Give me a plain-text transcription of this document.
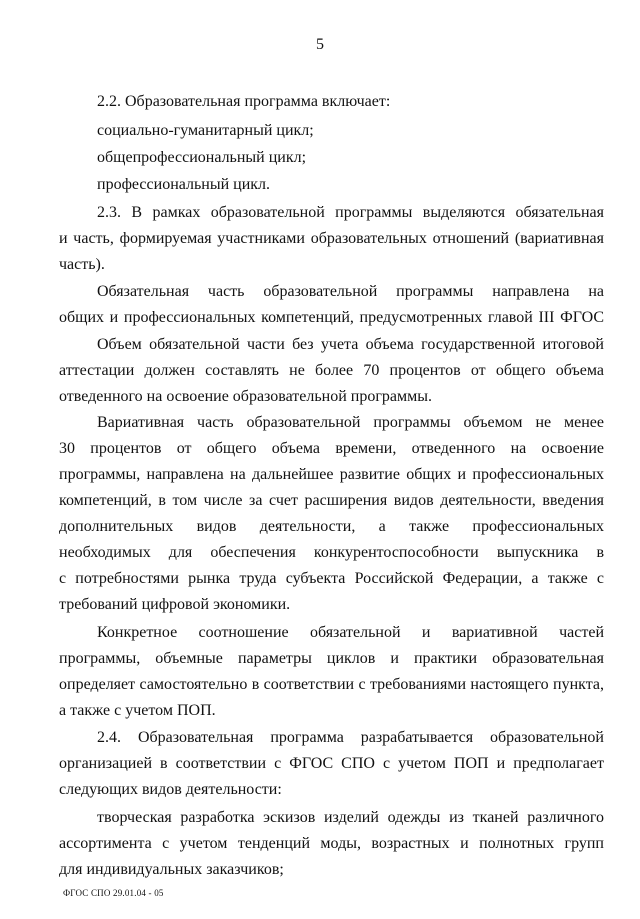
5
2.2. Образовательная программа включает:
социально-гуманитарный цикл;
общепрофессиональный цикл;
профессиональный цикл.
2.3. В рамках образовательной программы выделяются обязательная
и часть, формируемая участниками образовательных отношений (вариативная
часть).
Обязательная часть образовательной программы направлена на
общих и профессиональных компетенций, предусмотренных главой III ФГОС
Объем обязательной части без учета объема государственной итоговой
аттестации должен составлять не более 70 процентов от общего объема
отведенного на освоение образовательной программы.
Вариативная часть образовательной программы объемом не менее
30 процентов от общего объема времени, отведенного на освоение
программы, направлена на дальнейшее развитие общих и профессиональных
компетенций, в том числе за счет расширения видов деятельности, введения
дополнительных видов деятельности, а также профессиональных
необходимых для обеспечения конкурентоспособности выпускника в
с потребностями рынка труда субъекта Российской Федерации, а также с
требований цифровой экономики.
Конкретное соотношение обязательной и вариативной частей
программы, объемные параметры циклов и практики образовательная
определяет самостоятельно в соответствии с требованиями настоящего пункта,
а также с учетом ПОП.
2.4. Образовательная программа разрабатывается образовательной
организацией в соответствии с ФГОС СПО с учетом ПОП и предполагает
следующих видов деятельности:
творческая разработка эскизов изделий одежды из тканей различного
ассортимента с учетом тенденций моды, возрастных и полнотных групп
для индивидуальных заказчиков;
ФГОС СПО 29.01.04 - 05
